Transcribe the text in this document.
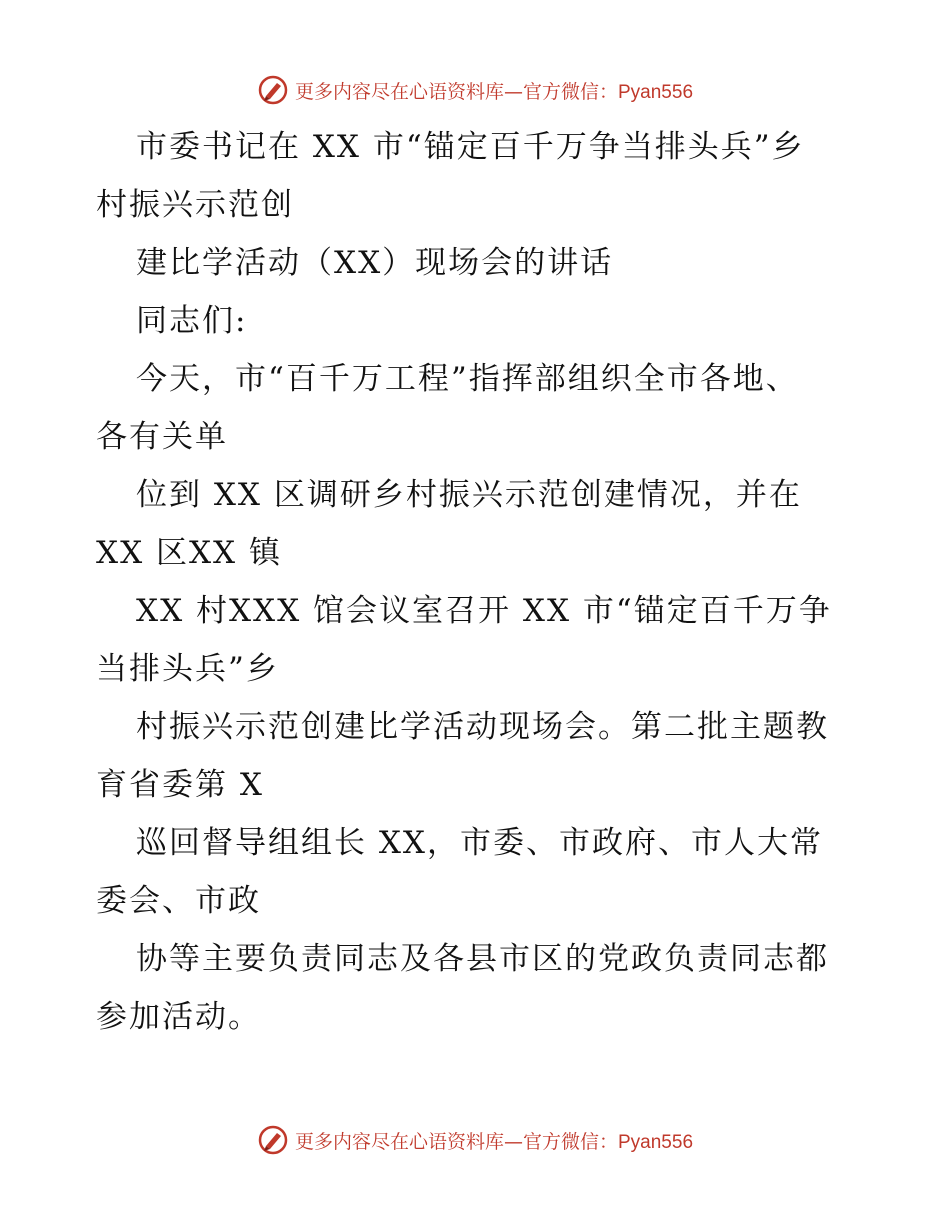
更多内容尽在心语资料库—官方微信：Pyan556
市委书记在 XX 市“锚定百千万争当排头兵”乡
村振兴示范创
建比学活动（XX）现场会的讲话
同志们:
今天，市“百千万工程”指挥部组织全市各地、
各有关单
位到 XX 区调研乡村振兴示范创建情况，并在
XX 区XX 镇
XX 村XXX 馆会议室召开 XX 市“锚定百千万争
当排头兵”乡
村振兴示范创建比学活动现场会。第二批主题教
育省委第 X
巡回督导组组长 XX，市委、市政府、市人大常
委会、市政
协等主要负责同志及各县市区的党政负责同志都
参加活动。
更多内容尽在心语资料库—官方微信：Pyan556
